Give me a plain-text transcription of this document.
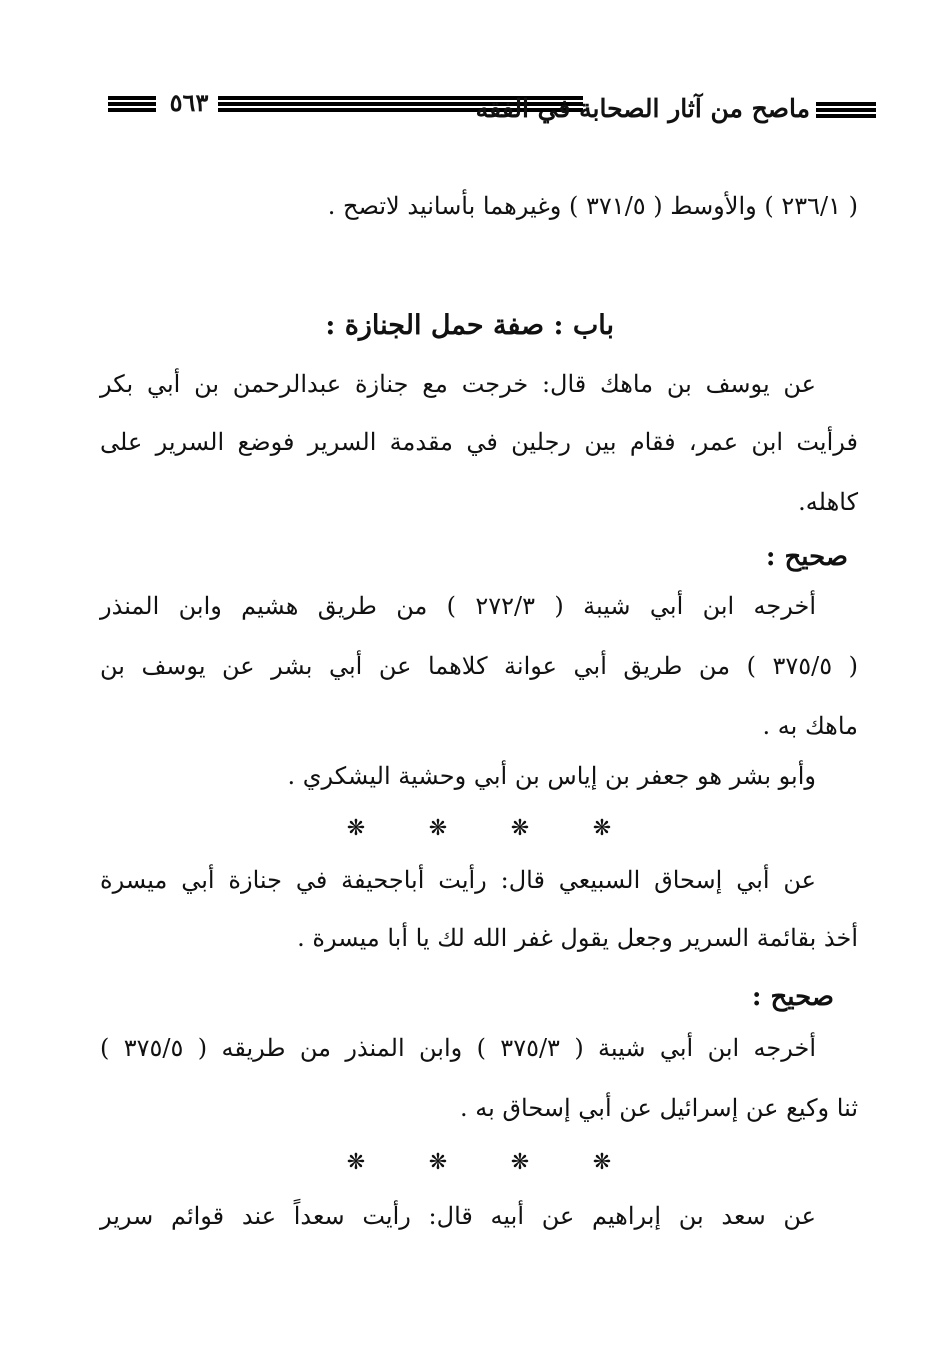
٥٦٣	ماصح من آثار الصحابة في الفقه
( ٢٣٦/١ ) والأوسط ( ٣٧١/٥ ) وغيرهما بأسانيد لاتصح .
باب : صفة حمل الجنازة :
عن يوسف بن ماهك قال: خرجت مع جنازة عبدالرحمن بن أبي بكر
فرأيت ابن عمر، فقام بين رجلين في مقدمة السرير فوضع السرير على
كاهله.
صحيح :
أخرجه ابن أبي شيبة ( ٢٧٢/٣ ) من طريق هشيم وابن المنذر
( ٣٧٥/٥ ) من طريق أبي عوانة كلاهما عن أبي بشر عن يوسف بن
ماهك به .
وأبو بشر هو جعفر بن إياس بن أبي وحشية اليشكري .
❋	❋	❋	❋
عن أبي إسحاق السبيعي قال: رأيت أباجحيفة في جنازة أبي ميسرة
أخذ بقائمة السرير وجعل يقول غفر الله لك يا أبا ميسرة .
صحيح :
أخرجه ابن أبي شيبة ( ٣٧٥/٣ ) وابن المنذر من طريقه ( ٣٧٥/٥ )
ثنا وكيع عن إسرائيل عن أبي إسحاق به .
❋	❋	❋	❋
عن سعد بن إبراهيم عن أبيه قال: رأيت سعداً عند قوائم سرير
